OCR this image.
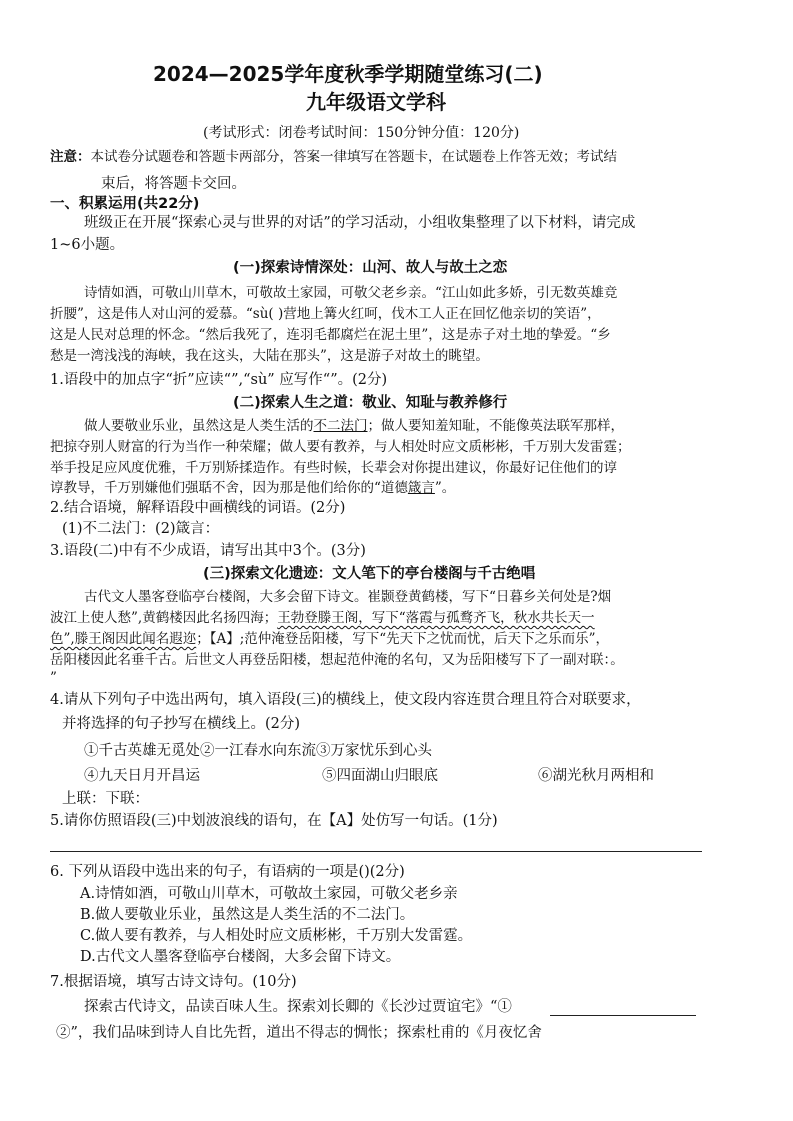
2024—2025学年度秋季学期随堂练习(二)
九年级语文学科
(考试形式：闭卷考试时间：150分钟分值：120分)
注意：本试卷分试题卷和答题卡两部分，答案一律填写在答题卡，在试题卷上作答无效；考试结
束后，将答题卡交回。
一、积累运用(共22分)
班级正在开展“探索心灵与世界的对话”的学习活动，小组收集整理了以下材料，请完成
1~6小题。
(一)探索诗情深处：山河、故人与故土之恋
诗情如酒，可敬山川草木，可敬故土家园，可敬父老乡亲。“江山如此多娇，引无数英雄竞
折腰”，这是伟人对山河的爱慕。“sù( )营地上篝火红呵，伐木工人正在回忆他亲切的笑语”，
这是人民对总理的怀念。“然后我死了，连羽毛都腐烂在泥土里”，这是赤子对土地的挚爱。“乡
愁是一湾浅浅的海峡，我在这头，大陆在那头”，这是游子对故土的眺望。
1.语段中的加点字“折”应读“”,“sù” 应写作“”。(2分)
(二)探索人生之道：敬业、知耻与教养修行
做人要敬业乐业，虽然这是人类生活的不二法门；做人要知羞知耻，不能像英法联军那样，
把掠夺别人财富的行为当作一种荣耀；做人要有教养，与人相处时应文质彬彬，千万别大发雷霆；
举手投足应风度优雅，千万别矫揉造作。有些时候，长辈会对你提出建议，你最好记住他们的谆
谆教导，千万别嫌他们强聒不舍，因为那是他们给你的“道德箴言”。
2.结合语境，解释语段中画横线的词语。(2分)
(1)不二法门：(2)箴言：
3.语段(二)中有不少成语，请写出其中3个。(3分)
(三)探索文化遗迹：文人笔下的亭台楼阁与千古绝唱
古代文人墨客登临亭台楼阁，大多会留下诗文。崔颢登黄鹤楼，写下“日暮乡关何处是?烟
波江上使人愁”,黄鹤楼因此名扬四海；王勃登滕王阁，写下“落霞与孤鹜齐飞，秋水共长天一
色”,滕王阁因此闻名遐迩；【A】;范仲淹登岳阳楼，写下“先天下之忧而忧，后天下之乐而乐”，
岳阳楼因此名垂千古。后世文人再登岳阳楼，想起范仲淹的名句，又为岳阳楼写下了一副对联：。
”
4.请从下列句子中选出两句，填入语段(三)的横线上，使文段内容连贯合理且符合对联要求，
并将选择的句子抄写在横线上。(2分)
①千古英雄无觅处②一江春水向东流③万家忧乐到心头
④九天日月开昌运	⑤四面湖山归眼底	⑥湖光秋月两相和
上联：下联：
5.请你仿照语段(三)中划波浪线的语句，在【A】处仿写一句话。(1分)
6. 下列从语段中选出来的句子，有语病的一项是()(2分)
A.诗情如酒，可敬山川草木，可敬故土家园，可敬父老乡亲
B.做人要敬业乐业，虽然这是人类生活的不二法门。
C.做人要有教养，与人相处时应文质彬彬，千万别大发雷霆。
D.古代文人墨客登临亭台楼阁，大多会留下诗文。
7.根据语境，填写古诗文诗句。(10分)
探索古代诗文，品读百味人生。探索刘长卿的《长沙过贾谊宅》“①
②”，我们品味到诗人自比先哲，道出不得志的惆怅；探索杜甫的《月夜忆舍
